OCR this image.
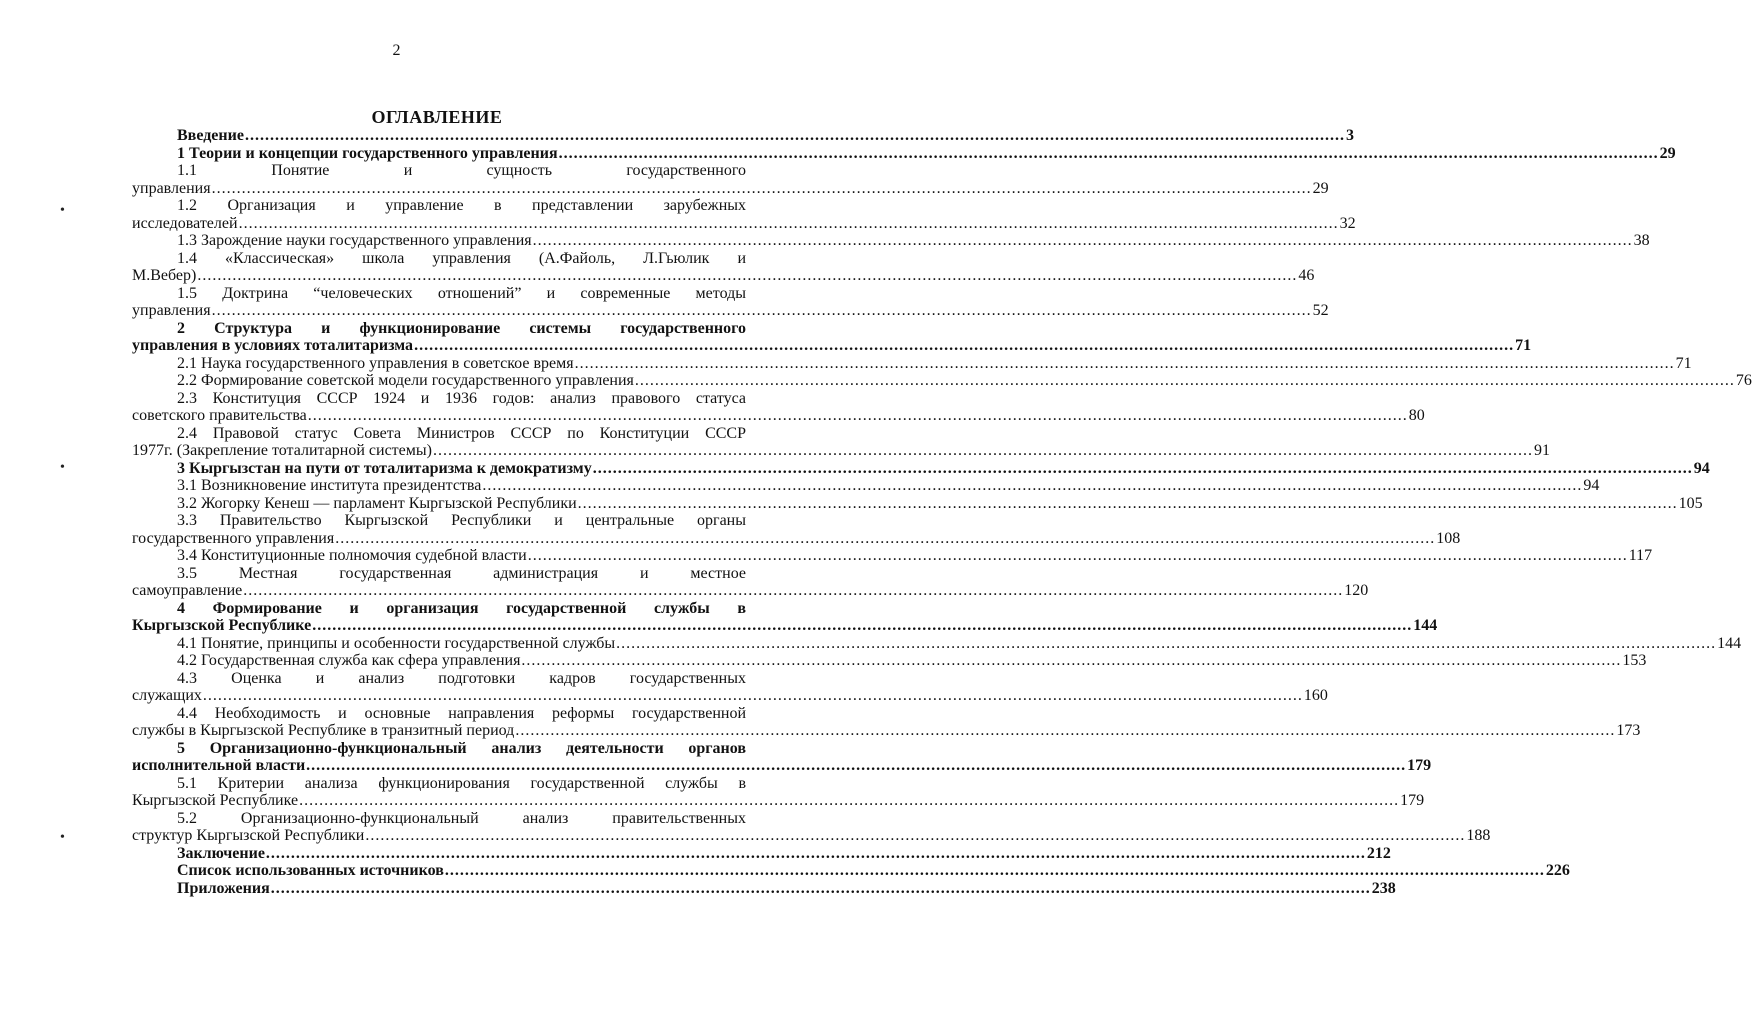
2
ОГЛАВЛЕНИЕ
Введение ............................................................................................................................................................................................................................ 3
1 Теории и концепции государственного управления ............................................................................................................................................................................................................................ 29
1.1 Понятие и сущность государственного
управления ............................................................................................................................................................................................................................ 29
1.2 Организация и управление в представлении зарубежных
исследователей ............................................................................................................................................................................................................................ 32
1.3 Зарождение науки государственного управления ............................................................................................................................................................................................................................ 38
1.4 «Классическая» школа управления (А.Файоль, Л.Гьюлик и
М.Вебер) ............................................................................................................................................................................................................................ 46
1.5 Доктрина “человеческих отношений” и современные методы
управления ............................................................................................................................................................................................................................ 52
2 Структура и функционирование системы государственного
управления в условиях тоталитаризма ............................................................................................................................................................................................................................ 71
2.1 Наука государственного управления в советское время ............................................................................................................................................................................................................................ 71
2.2 Формирование советской модели государственного управления ............................................................................................................................................................................................................................ 76
2.3 Конституция СССР 1924 и 1936 годов: анализ правового статуса
советского правительства ............................................................................................................................................................................................................................ 80
2.4 Правовой статус Совета Министров СССР по Конституции СССР
1977г. (Закрепление тоталитарной системы) ............................................................................................................................................................................................................................ 91
3 Кыргызстан на пути от тоталитаризма к демократизму ............................................................................................................................................................................................................................ 94
3.1 Возникновение института президентства ............................................................................................................................................................................................................................ 94
3.2 Жогорку Кенеш — парламент Кыргызской Республики ............................................................................................................................................................................................................................ 105
3.3 Правительство Кыргызской Республики и центральные органы
государственного управления ............................................................................................................................................................................................................................ 108
3.4 Конституционные полномочия судебной власти ............................................................................................................................................................................................................................ 117
3.5 Местная государственная администрация и местное
самоуправление ............................................................................................................................................................................................................................ 120
4 Формирование и организация государственной службы в
Кыргызской Республике ............................................................................................................................................................................................................................ 144
4.1 Понятие, принципы и особенности государственной службы ............................................................................................................................................................................................................................ 144
4.2 Государственная служба как сфера управления ............................................................................................................................................................................................................................ 153
4.3 Оценка и анализ подготовки кадров государственных
служащих ............................................................................................................................................................................................................................ 160
4.4 Необходимость и основные направления реформы государственной
службы в Кыргызской Республике в транзитный период ............................................................................................................................................................................................................................ 173
5 Организационно-функциональный анализ деятельности органов
исполнительной власти ............................................................................................................................................................................................................................ 179
5.1 Критерии анализа функционирования государственной службы в
Кыргызской Республике ............................................................................................................................................................................................................................ 179
5.2 Организационно-функциональный анализ правительственных
структур Кыргызской Республики ............................................................................................................................................................................................................................ 188
Заключение ............................................................................................................................................................................................................................ 212
Список использованных источников ............................................................................................................................................................................................................................ 226
Приложения ............................................................................................................................................................................................................................ 238
•
•
•
